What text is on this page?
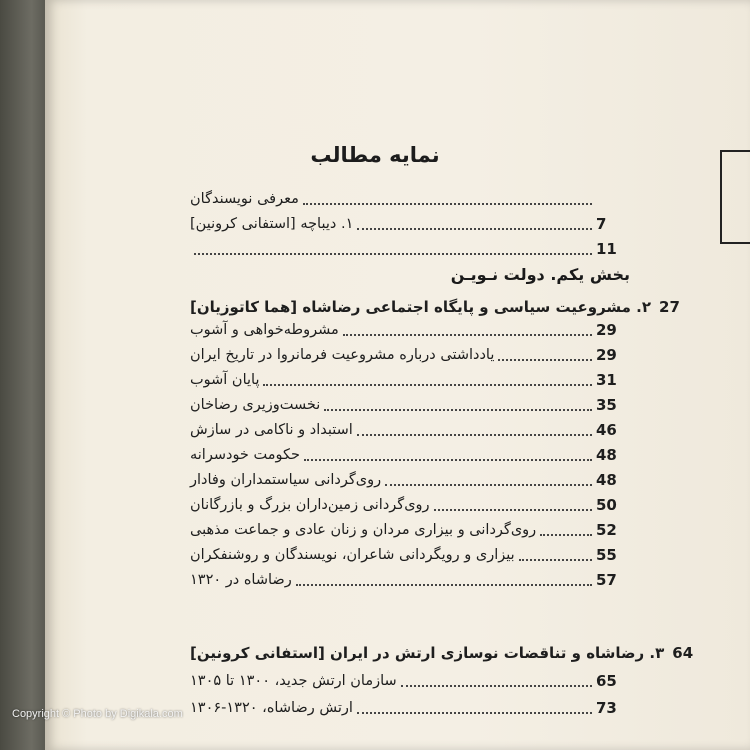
نمایه مطالب
معرفی نویسندگان
۱. دیباچه [استفانی کرونین]	7
11
بخش یکم. دولت نـویـن
۲. مشروعیت سیاسی و پایگاه اجتماعی رضاشاه [هما کاتوزیان] 27
مشروطه‌خواهی و آشوب	29
یادداشتی درباره مشروعیت فرمانروا در تاریخ ایران	29
پایان آشوب	31
نخست‌وزیری رضاخان	35
استبداد و ناکامی در سازش	46
حکومت خودسرانه	48
روی‌گردانی سیاستمداران وفادار	48
روی‌گردانی زمین‌داران بزرگ و بازرگانان	50
روی‌گردانی و بیزاری مردان و زنان عادی و جماعت مذهبی	52
بیزاری و رویگردانی شاعران، نویسندگان و روشنفکران	55
رضاشاه در ۱۳۲۰	57
۳. رضاشاه و تناقضات نوسازی ارتش در ایران [استفانی کرونین] 64
سازمان ارتش جدید، ۱۳۰۰ تا ۱۳۰۵	65
ارتش رضاشاه، ۱۳۲۰-۱۳۰۶	73
Copyright © Photo by Digikala.com
